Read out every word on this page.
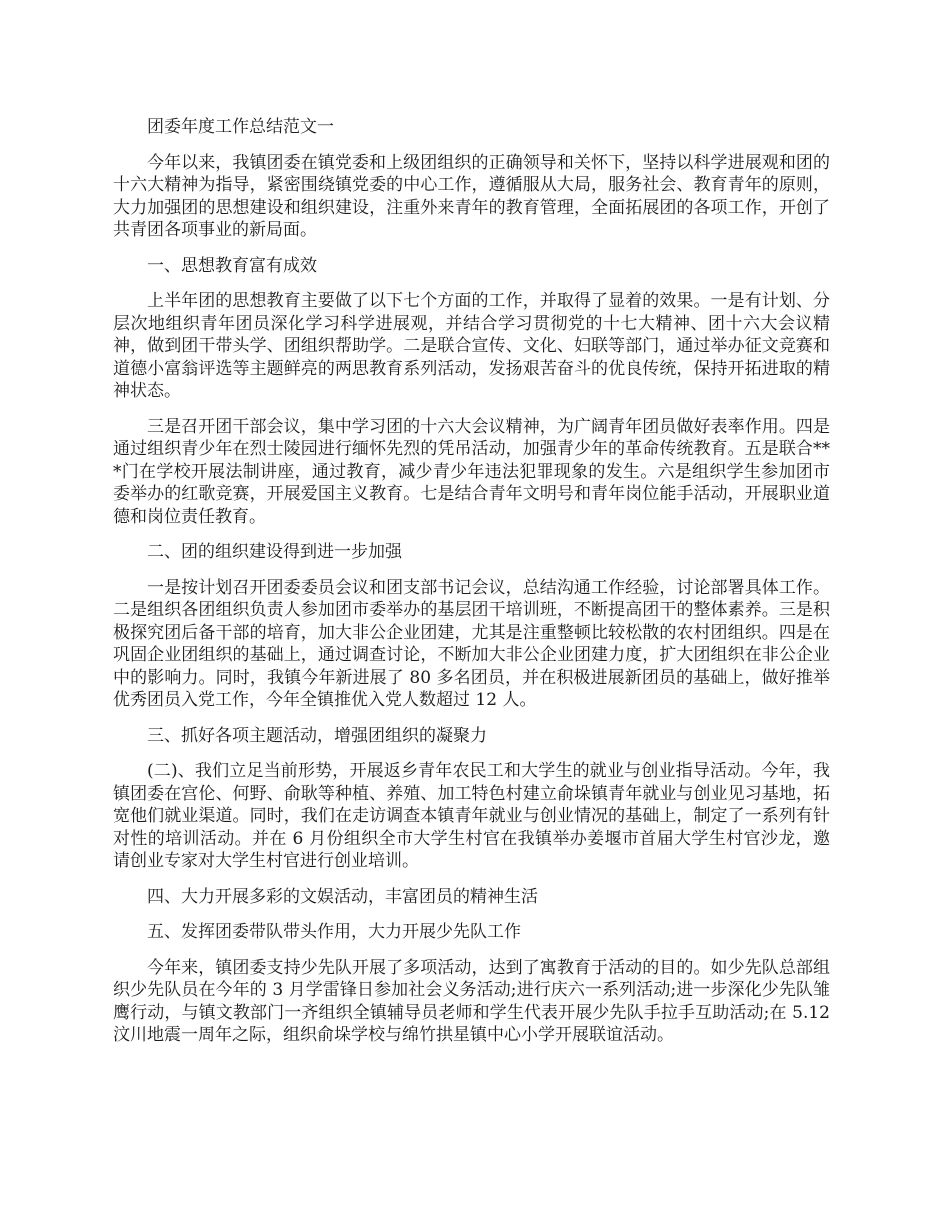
团委年度工作总结范文一

今年以来，我镇团委在镇党委和上级团组织的正确领导和关怀下，坚持以科学进展观和团的十六大精神为指导，紧密围绕镇党委的中心工作，遵循服从大局，服务社会、教育青年的原则，大力加强团的思想建设和组织建设，注重外来青年的教育管理，全面拓展团的各项工作，开创了共青团各项事业的新局面。

一、思想教育富有成效

上半年团的思想教育主要做了以下七个方面的工作，并取得了显着的效果。一是有计划、分层次地组织青年团员深化学习科学进展观，并结合学习贯彻党的十七大精神、团十六大会议精神，做到团干带头学、团组织帮助学。二是联合宣传、文化、妇联等部门，通过举办征文竞赛和道德小富翁评选等主题鲜亮的两思教育系列活动，发扬艰苦奋斗的优良传统，保持开拓进取的精神状态。

三是召开团干部会议，集中学习团的十六大会议精神，为广阔青年团员做好表率作用。四是通过组织青少年在烈士陵园进行缅怀先烈的凭吊活动，加强青少年的革命传统教育。五是联合***门在学校开展法制讲座，通过教育，减少青少年违法犯罪现象的发生。六是组织学生参加团市委举办的红歌竞赛，开展爱国主义教育。七是结合青年文明号和青年岗位能手活动，开展职业道德和岗位责任教育。

二、团的组织建设得到进一步加强

一是按计划召开团委委员会议和团支部书记会议，总结沟通工作经验，讨论部署具体工作。二是组织各团组织负责人参加团市委举办的基层团干培训班，不断提高团干的整体素养。三是积极探究团后备干部的培育，加大非公企业团建，尤其是注重整顿比较松散的农村团组织。四是在巩固企业团组织的基础上，通过调查讨论，不断加大非公企业团建力度，扩大团组织在非公企业中的影响力。同时，我镇今年新进展了 80 多名团员，并在积极进展新团员的基础上，做好推举优秀团员入党工作，今年全镇推优入党人数超过 12 人。

三、抓好各项主题活动，增强团组织的凝聚力

(二)、我们立足当前形势，开展返乡青年农民工和大学生的就业与创业指导活动。今年，我镇团委在宫伦、何野、俞耿等种植、养殖、加工特色村建立俞垛镇青年就业与创业见习基地，拓宽他们就业渠道。同时，我们在走访调查本镇青年就业与创业情况的基础上，制定了一系列有针对性的培训活动。并在 6 月份组织全市大学生村官在我镇举办姜堰市首届大学生村官沙龙，邀请创业专家对大学生村官进行创业培训。

四、大力开展多彩的文娱活动，丰富团员的精神生活

五、发挥团委带队带头作用，大力开展少先队工作

今年来，镇团委支持少先队开展了多项活动，达到了寓教育于活动的目的。如少先队总部组织少先队员在今年的 3 月学雷锋日参加社会义务活动;进行庆六一系列活动;进一步深化少先队雏鹰行动，与镇文教部门一齐组织全镇辅导员老师和学生代表开展少先队手拉手互助活动;在 5.12 汶川地震一周年之际，组织俞垛学校与绵竹拱星镇中心小学开展联谊活动。
